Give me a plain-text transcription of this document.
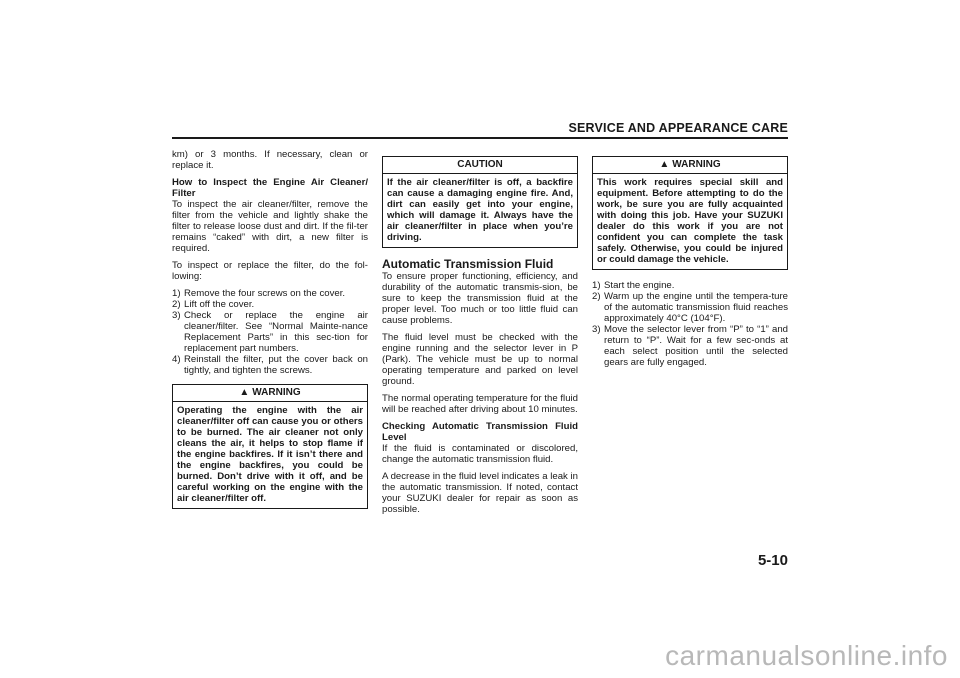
SERVICE AND APPEARANCE CARE

km) or 3 months. If necessary, clean or replace it.

How to Inspect the Engine Air Cleaner/ Filter

To inspect the air cleaner/filter, remove the filter from the vehicle and lightly shake the filter to release loose dust and dirt. If the fil-ter remains “caked” with dirt, a new filter is required.

To inspect or replace the filter, do the fol-lowing:

1) Remove the four screws on the cover.
2) Lift off the cover.
3) Check or replace the engine air cleaner/filter. See “Normal Mainte-nance Replacement Parts” in this sec-tion for replacement part numbers.
4) Reinstall the filter, put the cover back on tightly, and tighten the screws.
▲ WARNING
Operating the engine with the air cleaner/filter off can cause you or others to be burned. The air cleaner not only cleans the air, it helps to stop flame if the engine backfires. If it isn’t there and the engine backfires, you could be burned. Don’t drive with it off, and be careful working on the engine with the air cleaner/filter off.
CAUTION
If the air cleaner/filter is off, a backfire can cause a damaging engine fire. And, dirt can easily get into your engine, which will damage it. Always have the air cleaner/filter in place when you’re driving.

Automatic Transmission Fluid

To ensure proper functioning, efficiency, and durability of the automatic transmis-sion, be sure to keep the transmission fluid at the proper level. Too much or too little fluid can cause problems.

The fluid level must be checked with the engine running and the selector lever in P (Park). The vehicle must be up to normal operating temperature and parked on level ground.

The normal operating temperature for the fluid will be reached after driving about 10 minutes.

Checking Automatic Transmission Fluid Level

If the fluid is contaminated or discolored, change the automatic transmission fluid.

A decrease in the fluid level indicates a leak in the automatic transmission. If noted, contact your SUZUKI dealer for repair as soon as possible.

▲ WARNING
This work requires special skill and equipment. Before attempting to do the work, be sure you are fully acquainted with doing this job. Have your SUZUKI dealer do this work if you are not confident you can complete the task safely. Otherwise, you could be injured or could damage the vehicle.
1) Start the engine.
2) Warm up the engine until the tempera-ture of the automatic transmission fluid reaches approximately 40°C (104°F).
3) Move the selector lever from “P” to “1” and return to “P”. Wait for a few sec-onds at each select position until the selected gears are fully engaged.
5-10
carmanualsonline.info
